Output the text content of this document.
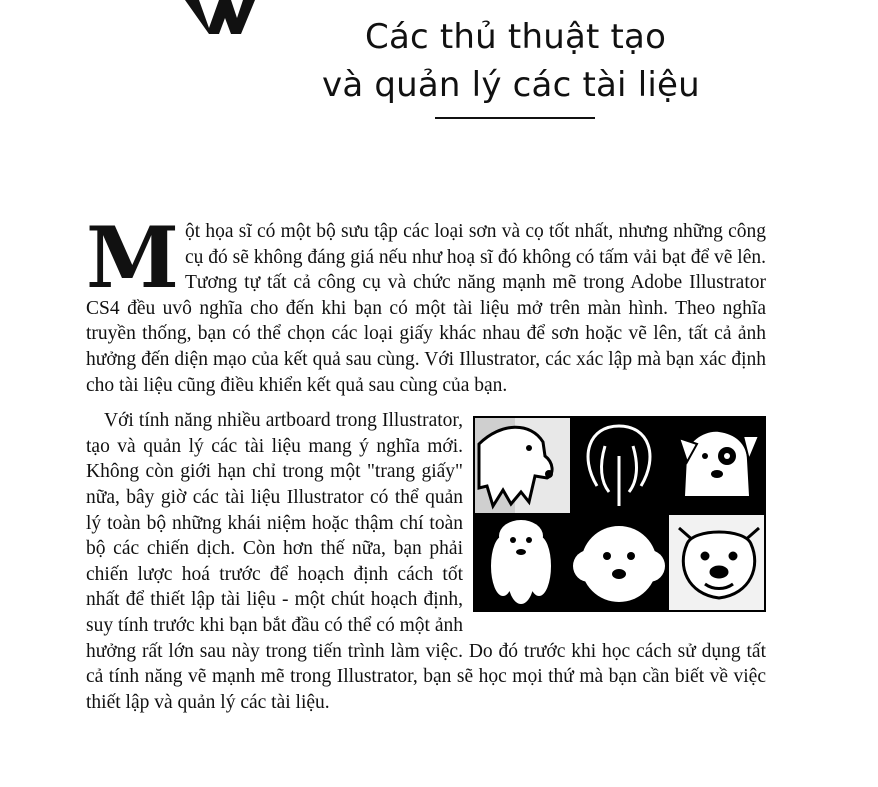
Các thủ thuật tạo
và quản lý các tài liệu

Một họa sĩ có một bộ sưu tập các loại sơn và cọ tốt nhất, nhưng những công cụ đó sẽ không đáng giá nếu như hoạ sĩ đó không có tấm vải bạt để vẽ lên. Tương tự tất cả công cụ và chức năng mạnh mẽ trong Adobe Illustrator CS4 đều uvô nghĩa cho đến khi bạn có một tài liệu mở trên màn hình. Theo nghĩa truyền thống, bạn có thể chọn các loại giấy khác nhau để sơn hoặc vẽ lên, tất cả ảnh hưởng đến diện mạo của kết quả sau cùng. Với Illustrator, các xác lập mà bạn xác định cho tài liệu cũng điều khiển kết quả sau cùng của bạn.

Với tính năng nhiều artboard trong Illustrator, tạo và quản lý các tài liệu mang ý nghĩa mới. Không còn giới hạn chỉ trong một "trang giấy" nữa, bây giờ các tài liệu Illustrator có thể quản lý toàn bộ những khái niệm hoặc thậm chí toàn bộ các chiến dịch. Còn hơn thế nữa, bạn phải chiến lược hoá trước để hoạch định cách tốt nhất để thiết lập tài liệu - một chút hoạch định, suy tính trước khi bạn bắt đầu có thể có một ảnh hưởng rất lớn sau này trong tiến trình làm việc. Do đó trước khi học cách sử dụng tất cả tính năng vẽ mạnh mẽ trong Illustrator, bạn sẽ học mọi thứ mà bạn cần biết về việc thiết lập và quản lý các tài liệu.
